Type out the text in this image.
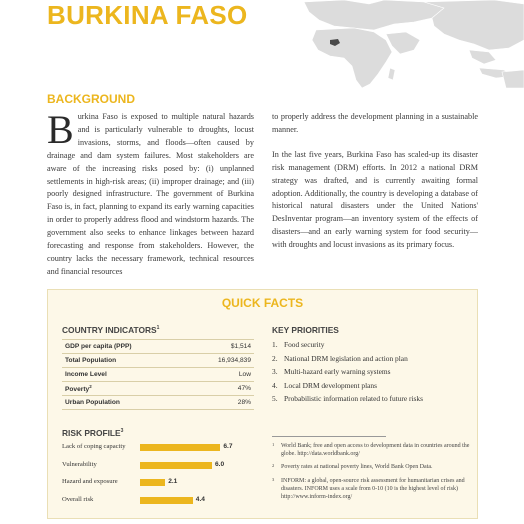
BURKINA FASO
BACKGROUND

Burkina Faso is exposed to multiple natural hazards and is particularly vulnerable to droughts, locust invasions, storms, and floods—often caused by drainage and dam system failures. Most stakeholders are aware of the increasing risks posed by: (i) unplanned settlements in high-risk areas; (ii) improper drainage; and (iii) poorly designed infrastructure. The government of Burkina Faso is, in fact, planning to expand its early warning capacities in order to properly address flood and windstorm hazards. The government also seeks to enhance linkages between hazard forecasting and response from stakeholders. However, the country lacks the necessary framework, technical resources and financial resources

to properly address the development planning in a sustainable manner.

In the last five years, Burkina Faso has scaled-up its disaster risk management (DRM) efforts. In 2012 a national DRM strategy was drafted, and is currently awaiting formal adoption. Additionally, the country is developing a database of historical natural disasters under the United Nations' DesInventar program—an inventory system of the effects of disasters—and an early warning system for food security—with droughts and locust invasions as its primary focus.

QUICK FACTS
COUNTRY INDICATORS$^1$
GDP per capita (PPP)	$1,514
Total Population	16,934,839
Income Level	Low
Poverty$^2$	47%
Urban Population	28%
KEY PRIORITIES
1. Food security
2. National DRM legislation and action plan
3. Multi-hazard early warning systems
4. Local DRM development plans
5. Probabilistic information related to future risks
RISK PROFILE$^3$
Lack of coping capacity	6.7
Vulnerability	6.0
Hazard and exposure	2.1
Overall risk	4.4
1 World Bank; free and open access to development data in countries around the globe. http://data.worldbank.org/
2 Poverty rates at national poverty lines, World Bank Open Data.
3 INFORM: a global, open-source risk assessment for humanitarian crises and disasters. INFORM uses a scale from 0-10 (10 is the highest level of risk) http://www.inform-index.org/
